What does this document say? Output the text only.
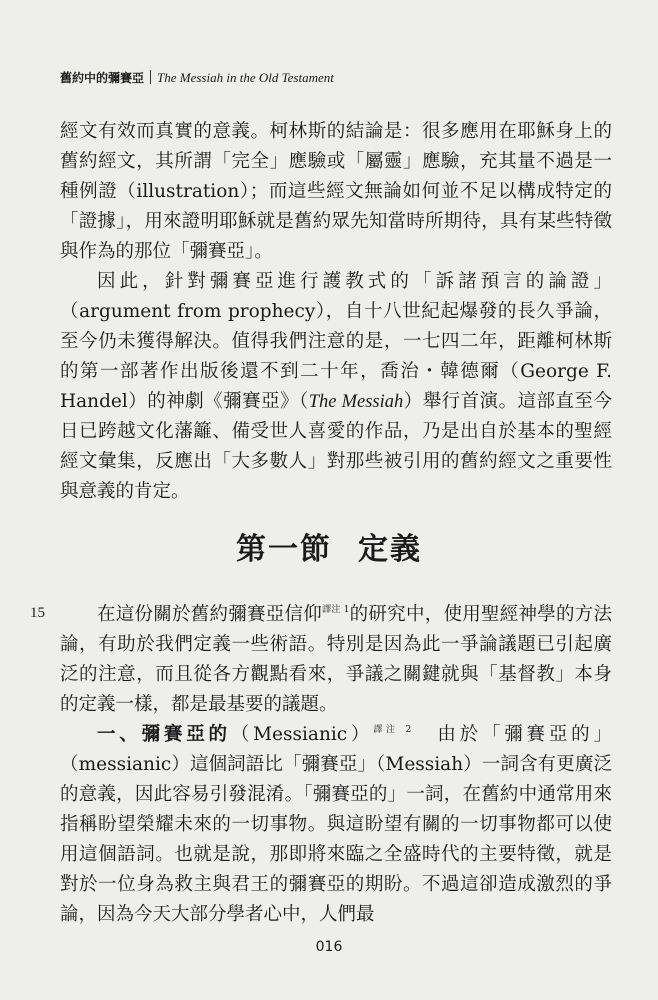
舊約中的彌賽亞 The Messiah in the Old Testament

經文有效而真實的意義。柯林斯的結論是：很多應用在耶穌身上的舊約經文，其所謂「完全」應驗或「屬靈」應驗，充其量不過是一種例證（illustration）；而這些經文無論如何並不足以構成特定的「證據」，用來證明耶穌就是舊約眾先知當時所期待，具有某些特徵與作為的那位「彌賽亞」。

因此，針對彌賽亞進行護教式的「訴諸預言的論證」（argument from prophecy），自十八世紀起爆發的長久爭論，至今仍未獲得解決。值得我們注意的是，一七四二年，距離柯林斯的第一部著作出版後還不到二十年，喬治・韓德爾（George F. Handel）的神劇《彌賽亞》（The Messiah）舉行首演。這部直至今日已跨越文化藩籬、備受世人喜愛的作品，乃是出自於基本的聖經經文彙集，反應出「大多數人」對那些被引用的舊約經文之重要性與意義的肯定。

第一節 定義
15	在這份關於舊約彌賽亞信仰$^{譯注 1}$的研究中，使用聖經神學的方法論，有助於我們定義一些術語。特別是因為此一爭論議題已引起廣泛的注意，而且從各方觀點看來，爭議之關鍵就與「基督教」本身的定義一樣，都是最基要的議題。

一、彌賽亞的（Messianic）$^{譯注 2}$　 由於「彌賽亞的」（messianic）這個詞語比「彌賽亞」（Messiah）一詞含有更廣泛的意義，因此容易引發混淆。「彌賽亞的」一詞，在舊約中通常用來指稱盼望榮耀未來的一切事物。與這盼望有關的一切事物都可以使用這個語詞。也就是說，那即將來臨之全盛時代的主要特徵，就是對於一位身為救主與君王的彌賽亞的期盼。不過這卻造成激烈的爭論，因為今天大部分學者心中，人們最

016
